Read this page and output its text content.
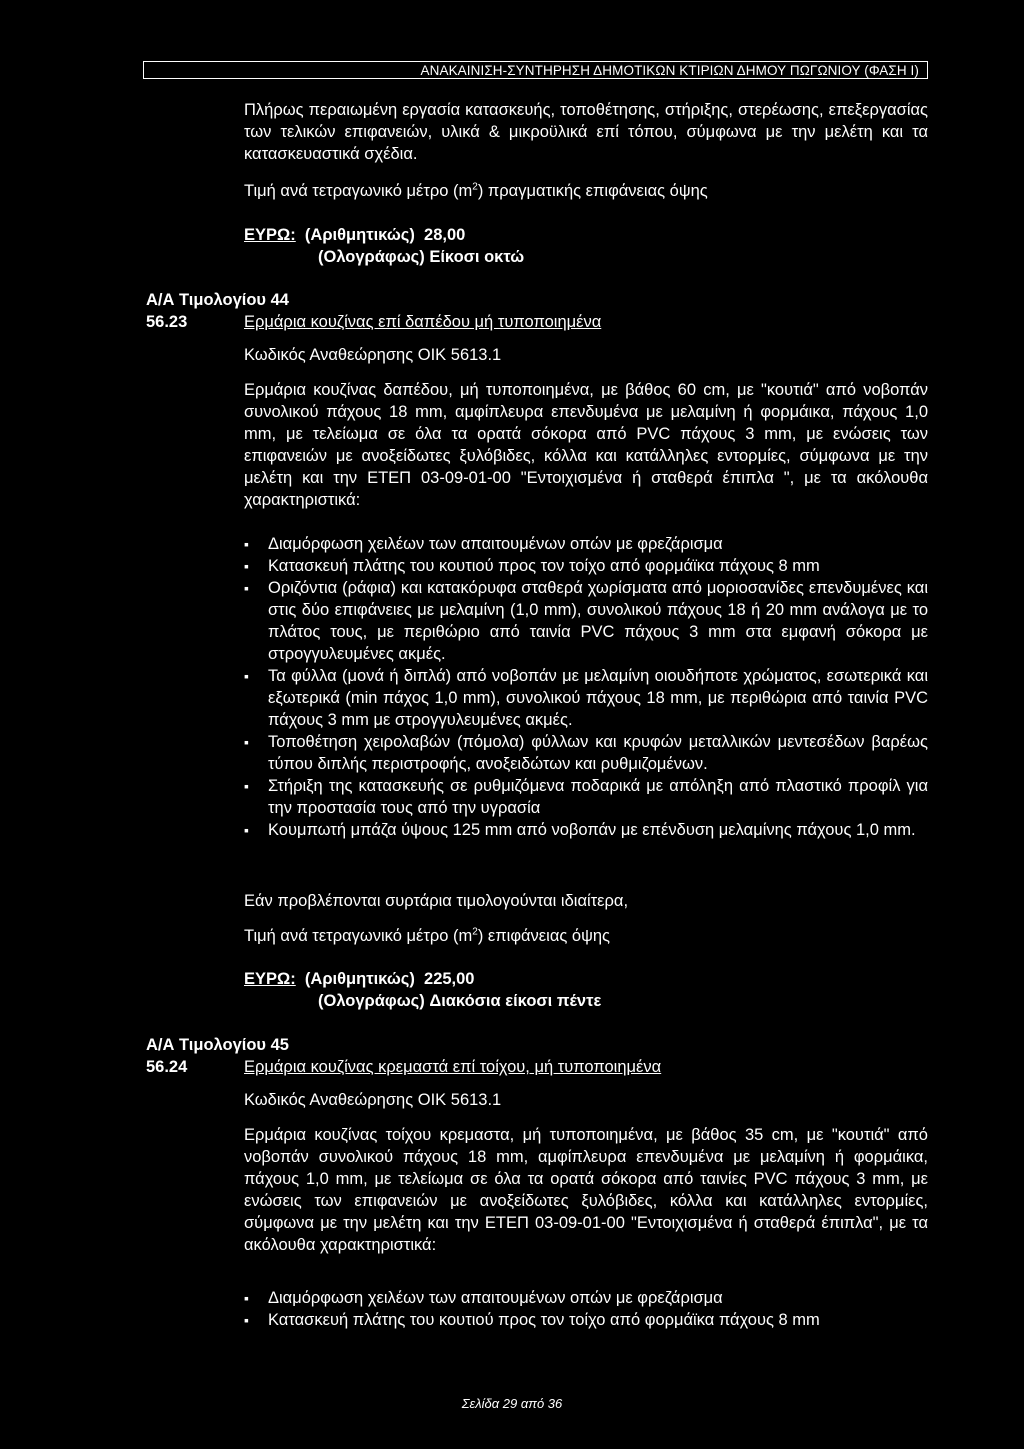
ΑΝΑΚΑΙΝΙΣΗ-ΣΥΝΤΗΡΗΣΗ ΔΗΜΟΤΙΚΩΝ ΚΤΙΡΙΩΝ ΔΗΜΟΥ ΠΩΓΩΝΙΟΥ (ΦΑΣΗ Ι)

Πλήρως περαιωμένη εργασία κατασκευής, τοποθέτησης, στήριξης, στερέωσης, επεξεργασίας των τελικών επιφανειών, υλικά & μικροϋλικά επί τόπου, σύμφωνα με την μελέτη και τα κατασκευαστικά σχέδια.

Τιμή ανά τετραγωνικό μέτρο $(m^2)$ πραγματικής επιφάνειας όψης

ΕΥΡΩ: (Αριθμητικώς) 28,00
(Ολογράφως) Είκοσι οκτώ
Α/Α Τιμολογίου 44
56.23	Ερμάρια κουζίνας επί δαπέδου μή τυποποιημένα

Κωδικός Αναθεώρησης ΟΙΚ 5613.1

Ερμάρια κουζίνας δαπέδου, μή τυποποιημένα, με βάθος 60 cm, με "κουτιά" από νοβοπάν συνολικού πάχους 18 mm, αμφίπλευρα επενδυμένα με μελαμίνη ή φορμάικα, πάχους 1,0 mm, με τελείωμα σε όλα τα ορατά σόκορα από PVC πάχους 3 mm, με ενώσεις των επιφανειών με ανοξείδωτες ξυλόβιδες, κόλλα και κατάλληλες εντορμίες, σύμφωνα με την μελέτη και την ΕΤΕΠ 03-09-01-00 "Εντοιχισμένα ή σταθερά έπιπλα ", με τα ακόλουθα χαρακτηριστικά:

▪ Διαμόρφωση χειλέων των απαιτουμένων οπών με φρεζάρισμα
▪ Κατασκευή πλάτης του κουτιού προς τον τοίχο από φορμάϊκα πάχους 8 mm
▪ Οριζόντια (ράφια) και κατακόρυφα σταθερά χωρίσματα από μοριοσανίδες επενδυμένες και στις δύο επιφάνειες με μελαμίνη (1,0 mm), συνολικού πάχους 18 ή 20 mm ανάλογα με το πλάτος τους, με περιθώριο από ταινία PVC πάχους 3 mm στα εμφανή σόκορα με στρογγυλευμένες ακμές.
▪ Τα φύλλα (μονά ή διπλά) από νοβοπάν με μελαμίνη οιουδήποτε χρώματος, εσωτερικά και εξωτερικά (min πάχος 1,0 mm), συνολικού πάχους 18 mm, με περιθώρια από ταινία PVC πάχους 3 mm με στρογγυλευμένες ακμές.
▪ Τοποθέτηση χειρολαβών (πόμολα) φύλλων και κρυφών μεταλλικών μεντεσέδων βαρέως τύπου διπλής περιστροφής, ανοξειδώτων και ρυθμιζομένων.
▪ Στήριξη της κατασκευής σε ρυθμιζόμενα ποδαρικά με απόληξη από πλαστικό προφίλ για την προστασία τους από την υγρασία
▪ Κουμπωτή μπάζα ύψους 125 mm από νοβοπάν με επένδυση μελαμίνης πάχους 1,0 mm.

Εάν προβλέπονται συρτάρια τιμολογούνται ιδιαίτερα,

Τιμή ανά τετραγωνικό μέτρο $(m^2)$ επιφάνειας όψης

ΕΥΡΩ: (Αριθμητικώς) 225,00
(Ολογράφως) Διακόσια είκοσι πέντε
Α/Α Τιμολογίου 45
56.24	Ερμάρια κουζίνας κρεμαστά επί τοίχου, μή τυποποιημένα

Κωδικός Αναθεώρησης ΟΙΚ 5613.1

Ερμάρια κουζίνας τοίχου κρεμαστα, μή τυποποιημένα, με βάθος 35 cm, με "κουτιά" από νοβοπάν συνολικού πάχους 18 mm, αμφίπλευρα επενδυμένα με μελαμίνη ή φορμάικα, πάχους 1,0 mm, με τελείωμα σε όλα τα ορατά σόκορα από ταινίες PVC πάχους 3 mm, με ενώσεις των επιφανειών με ανοξείδωτες ξυλόβιδες, κόλλα και κατάλληλες εντορμίες, σύμφωνα με την μελέτη και την ΕΤΕΠ 03-09-01-00 "Εντοιχισμένα ή σταθερά έπιπλα", με τα ακόλουθα χαρακτηριστικά:

▪ Διαμόρφωση χειλέων των απαιτουμένων οπών με φρεζάρισμα
▪ Κατασκευή πλάτης του κουτιού προς τον τοίχο από φορμάϊκα πάχους 8 mm
Σελίδα 29 από 36
